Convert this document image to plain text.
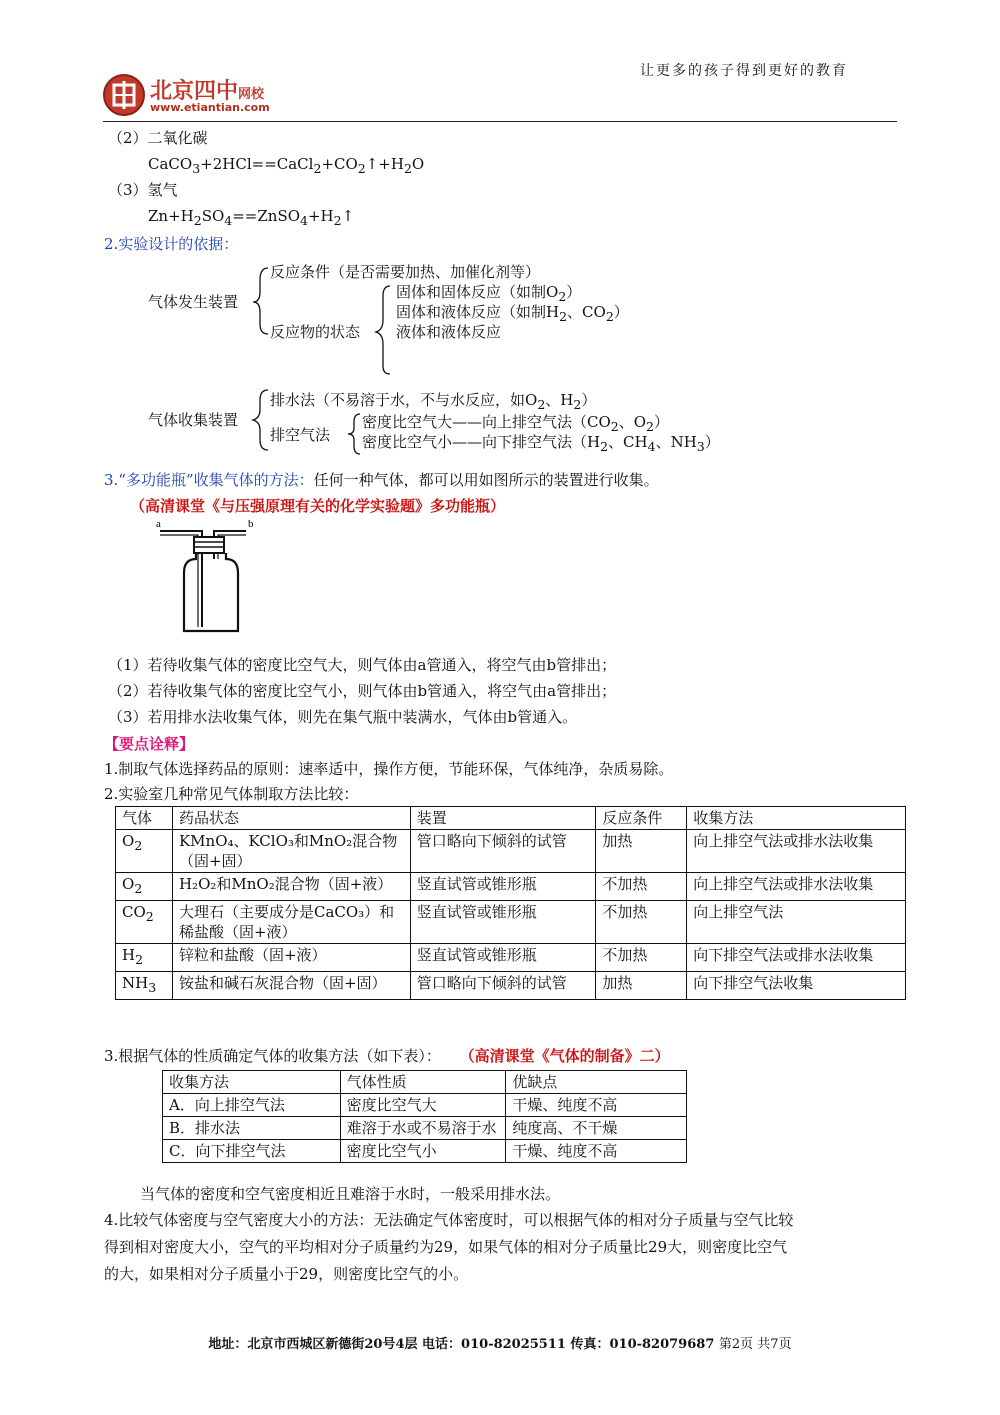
北京四中网校
www.etiantian.com
让更多的孩子得到更好的教育
（2）二氧化碳
$CaCO_3+2HCl==CaCl_2+CO_2↑+H_2O$
（3）氢气
$Zn+H_2SO_4==ZnSO_4+H_2↑$
2.实验设计的依据：
气体发生装置
反应条件（是否需要加热、加催化剂等）
反应物的状态
固体和固体反应（如制$O_2$）
固体和液体反应（如制$H_2$、$CO_2$）
液体和液体反应
气体收集装置
排水法（不易溶于水，不与水反应，如$O_2$、$H_2$）
排空气法
密度比空气大——向上排空气法（$CO_2$、$O_2$）
密度比空气小——向下排空气法（$H_2$、$CH_4$、$NH_3$）
3.“多功能瓶”收集气体的方法：任何一种气体，都可以用如图所示的装置进行收集。
（高清课堂《与压强原理有关的化学实验题》多功能瓶）
a	b
（1）若待收集气体的密度比空气大，则气体由a管通入，将空气由b管排出；
（2）若待收集气体的密度比空气小，则气体由b管通入，将空气由a管排出；
（3）若用排水法收集气体，则先在集气瓶中装满水，气体由b管通入。
【要点诠释】
1.制取气体选择药品的原则：速率适中，操作方便，节能环保，气体纯净，杂质易除。
2.实验室几种常见气体制取方法比较：
气体	药品状态	装置	反应条件	收集方法
$O_2$	KMnO₄、KClO₃和MnO₂混合物（固+固）	管口略向下倾斜的试管	加热	向上排空气法或排水法收集
$O_2$	H₂O₂和MnO₂混合物（固+液）	竖直试管或锥形瓶	不加热	向上排空气法或排水法收集
$CO_2$	大理石（主要成分是CaCO₃）和稀盐酸（固+液）	竖直试管或锥形瓶	不加热	向上排空气法
$H_2$	锌粒和盐酸（固+液）	竖直试管或锥形瓶	不加热	向下排空气法或排水法收集
$NH_3$	铵盐和碱石灰混合物（固+固）	管口略向下倾斜的试管	加热	向下排空气法收集
3.根据气体的性质确定气体的收集方法（如下表）： （高清课堂《气体的制备》二）
收集方法	气体性质	优缺点
A．向上排空气法	密度比空气大	干燥、纯度不高
B．排水法	难溶于水或不易溶于水	纯度高、不干燥
C．向下排空气法	密度比空气小	干燥、纯度不高
当气体的密度和空气密度相近且难溶于水时，一般采用排水法。
4.比较气体密度与空气密度大小的方法：无法确定气体密度时，可以根据气体的相对分子质量与空气比较
得到相对密度大小，空气的平均相对分子质量约为29，如果气体的相对分子质量比29大，则密度比空气
的大，如果相对分子质量小于29，则密度比空气的小。
地址：北京市西城区新德街20号4层 电话：010-82025511 传真：010-82079687 第2页 共7页
